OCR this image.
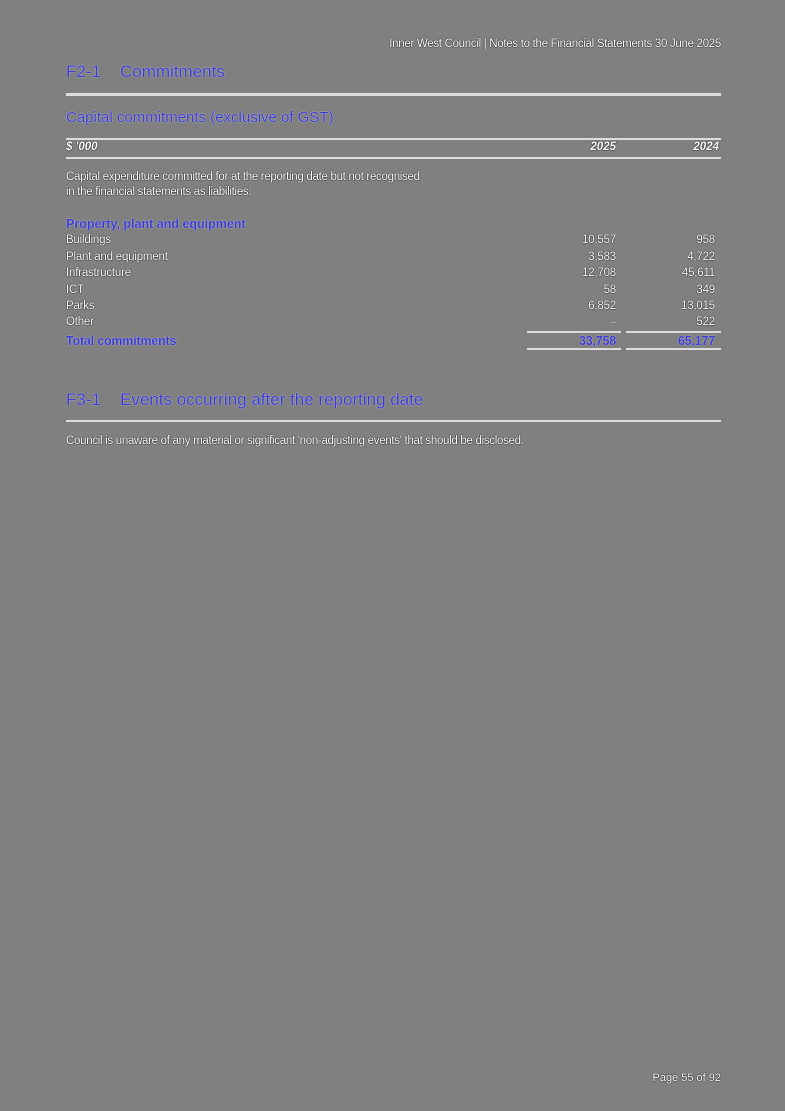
Inner West Council | Notes to the Financial Statements 30 June 2025
F2-1	Commitments
Capital commitments (exclusive of GST)
$ '000	2025	2024
Capital expenditure committed for at the reporting date but not recognised in the financial statements as liabilities:
Property, plant and equipment
Buildings	10,557	958
Plant and equipment	3,583	4,722
Infrastructure	12,708	45,611
ICT	58	349
Parks	6,852	13,015
Other	–	522
Total commitments	33,758	65,177
F3-1	Events occurring after the reporting date
Council is unaware of any material or significant 'non-adjusting events' that should be disclosed.
Page 55 of 92
